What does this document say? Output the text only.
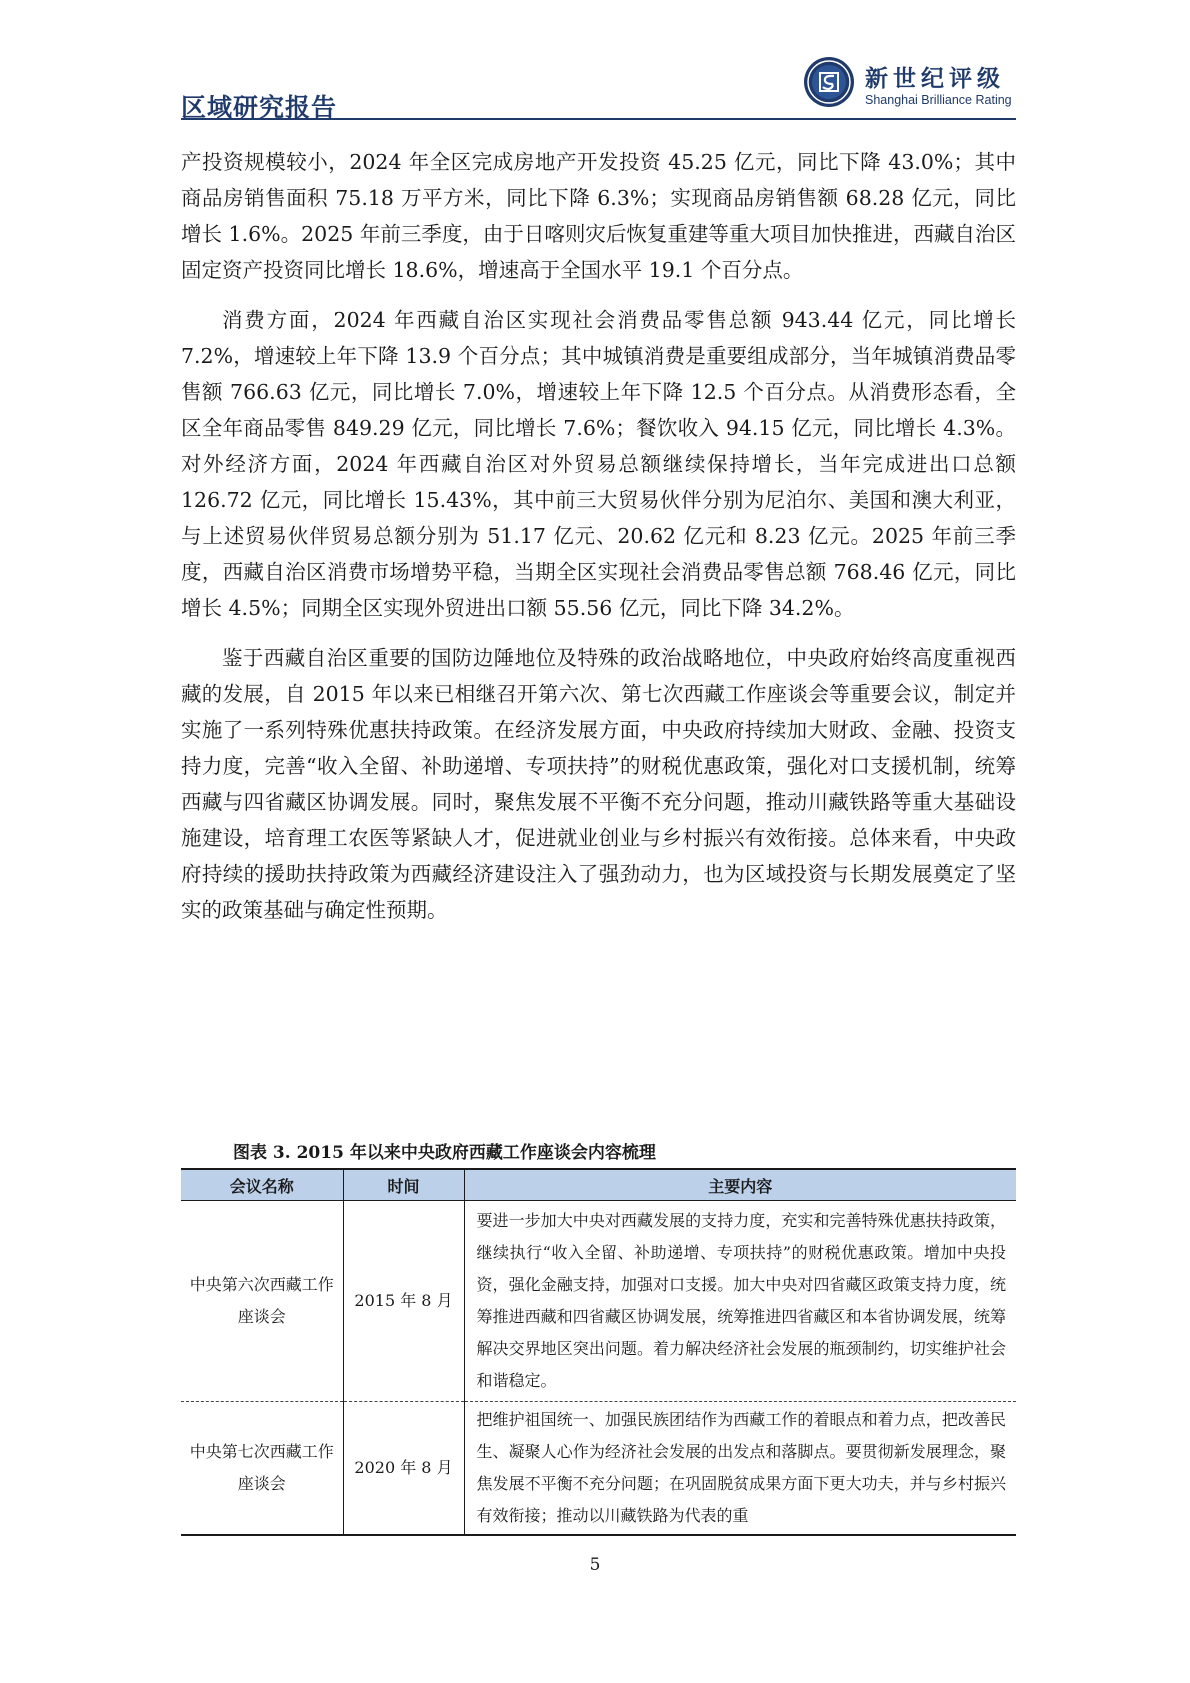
区域研究报告
新世纪评级
Shanghai Brilliance Rating

产投资规模较小，2024 年全区完成房地产开发投资 45.25 亿元，同比下降 43.0%；其中商品房销售面积 75.18 万平方米，同比下降 6.3%；实现商品房销售额 68.28 亿元，同比增长 1.6%。2025 年前三季度，由于日喀则灾后恢复重建等重大项目加快推进，西藏自治区固定资产投资同比增长 18.6%，增速高于全国水平 19.1 个百分点。

消费方面，2024 年西藏自治区实现社会消费品零售总额 943.44 亿元，同比增长 7.2%，增速较上年下降 13.9 个百分点；其中城镇消费是重要组成部分，当年城镇消费品零售额 766.63 亿元，同比增长 7.0%，增速较上年下降 12.5 个百分点。从消费形态看，全区全年商品零售 849.29 亿元，同比增长 7.6%；餐饮收入 94.15 亿元，同比增长 4.3%。对外经济方面，2024 年西藏自治区对外贸易总额继续保持增长，当年完成进出口总额 126.72 亿元，同比增长 15.43%，其中前三大贸易伙伴分别为尼泊尔、美国和澳大利亚，与上述贸易伙伴贸易总额分别为 51.17 亿元、20.62 亿元和 8.23 亿元。2025 年前三季度，西藏自治区消费市场增势平稳，当期全区实现社会消费品零售总额 768.46 亿元，同比增长 4.5%；同期全区实现外贸进出口额 55.56 亿元，同比下降 34.2%。

鉴于西藏自治区重要的国防边陲地位及特殊的政治战略地位，中央政府始终高度重视西藏的发展，自 2015 年以来已相继召开第六次、第七次西藏工作座谈会等重要会议，制定并实施了一系列特殊优惠扶持政策。在经济发展方面，中央政府持续加大财政、金融、投资支持力度，完善“收入全留、补助递增、专项扶持”的财税优惠政策，强化对口支援机制，统筹西藏与四省藏区协调发展。同时，聚焦发展不平衡不充分问题，推动川藏铁路等重大基础设施建设，培育理工农医等紧缺人才，促进就业创业与乡村振兴有效衔接。总体来看，中央政府持续的援助扶持政策为西藏经济建设注入了强劲动力，也为区域投资与长期发展奠定了坚实的政策基础与确定性预期。

图表 3. 2015 年以来中央政府西藏工作座谈会内容梳理
会议名称	时间	主要内容
中央第六次西藏工作座谈会	2015 年 8 月	要进一步加大中央对西藏发展的支持力度，充实和完善特殊优惠扶持政策，继续执行“收入全留、补助递增、专项扶持”的财税优惠政策。增加中央投资，强化金融支持，加强对口支援。加大中央对四省藏区政策支持力度，统筹推进西藏和四省藏区协调发展，统筹推进四省藏区和本省协调发展，统筹解决交界地区突出问题。着力解决经济社会发展的瓶颈制约，切实维护社会和谐稳定。
中央第七次西藏工作座谈会	2020 年 8 月	把维护祖国统一、加强民族团结作为西藏工作的着眼点和着力点，把改善民生、凝聚人心作为经济社会发展的出发点和落脚点。要贯彻新发展理念，聚焦发展不平衡不充分问题；在巩固脱贫成果方面下更大功夫，并与乡村振兴有效衔接；推动以川藏铁路为代表的重
5
